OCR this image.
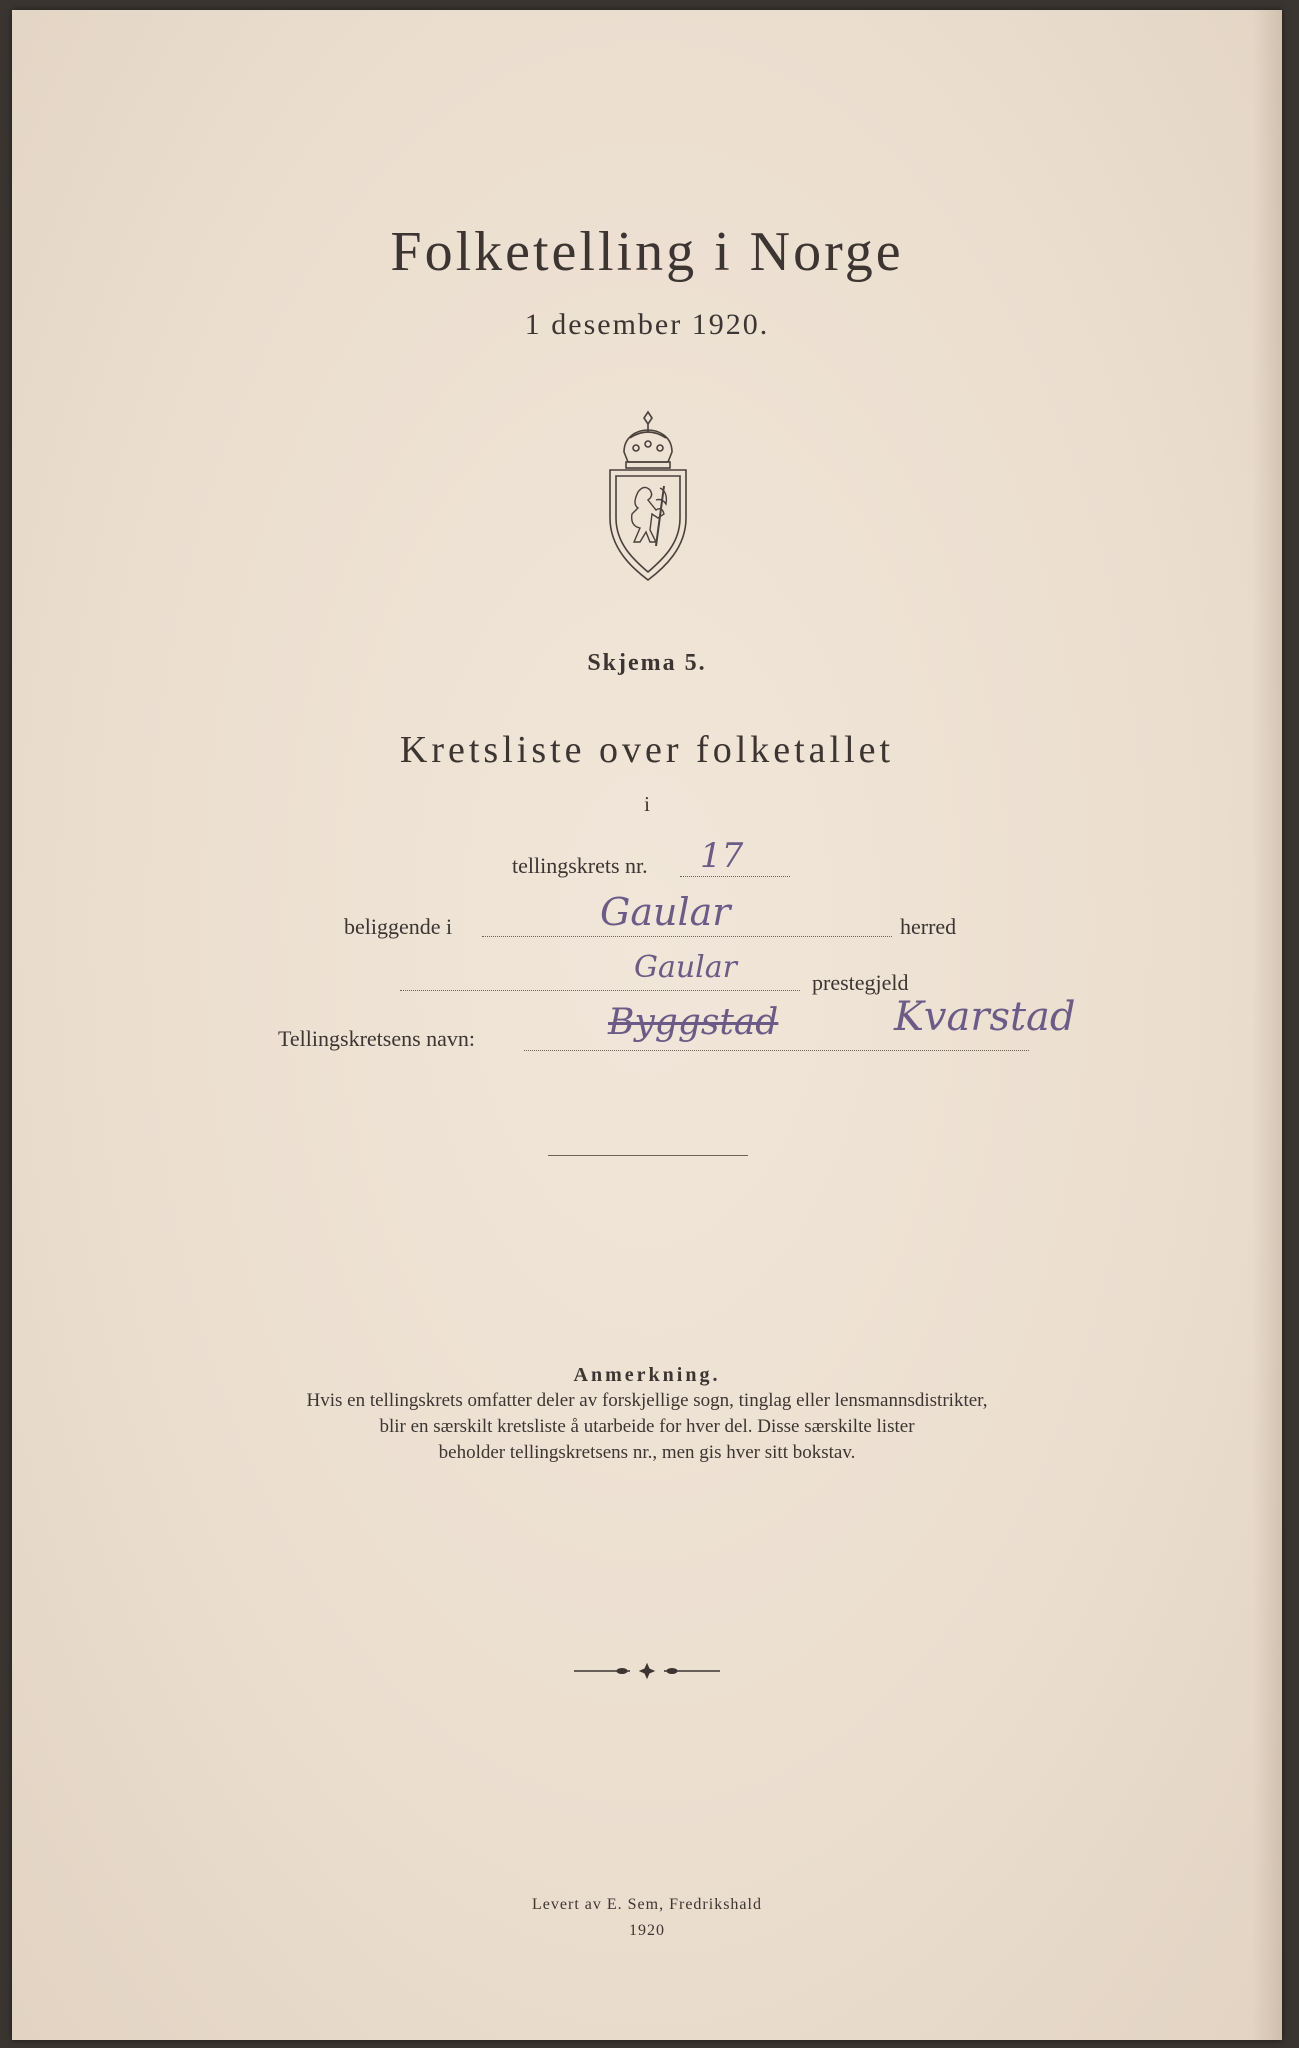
Folketelling i Norge
1 desember 1920.
Skjema 5.
Kretsliste over folketallet
i
tellingskrets nr. 17
beliggende i	Gaular	herred
Gaular	prestegjeld
Tellingskretsens navn:	Byggstad	Kvarstad
Anmerkning.
Hvis en tellingskrets omfatter deler av forskjellige sogn, tinglag eller lensmannsdistrikter,
blir en særskilt kretsliste å utarbeide for hver del. Disse særskilte lister
beholder tellingskretsens nr., men gis hver sitt bokstav.
Levert av E. Sem, Fredrikshald
1920
